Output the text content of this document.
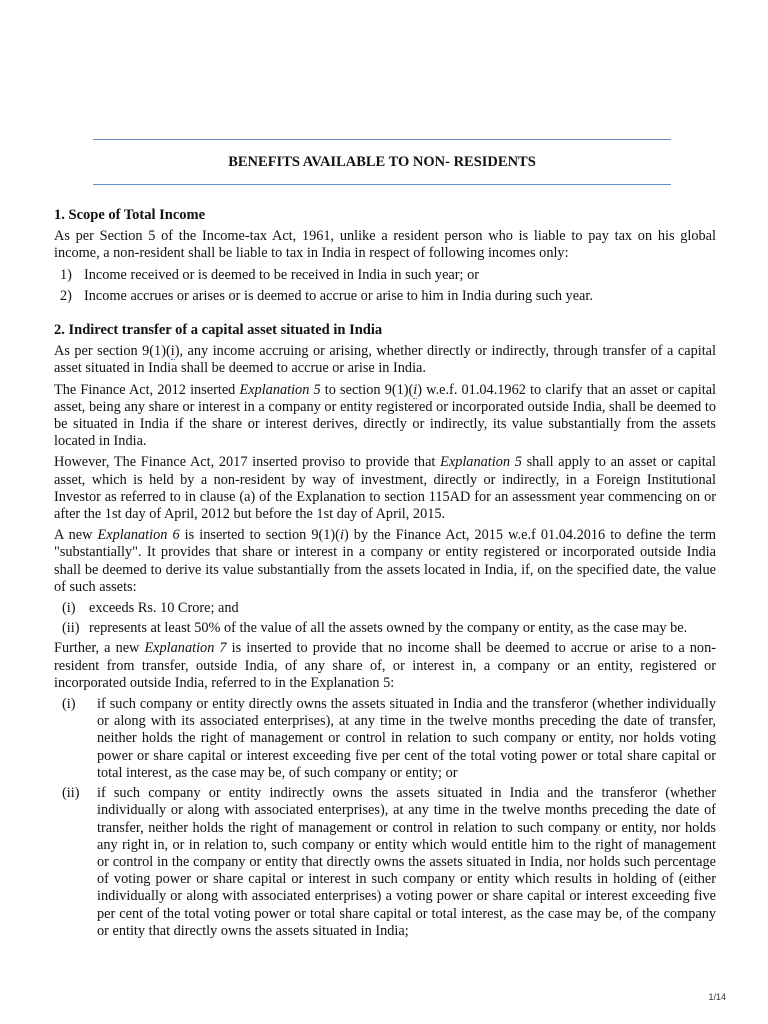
BENEFITS AVAILABLE TO NON- RESIDENTS
1. Scope of Total Income

As per Section 5 of the Income-tax Act, 1961, unlike a resident person who is liable to pay tax on his global income, a non-resident shall be liable to tax in India in respect of following incomes only:

1) Income received or is deemed to be received in India in such year; or
2) Income accrues or arises or is deemed to accrue or arise to him in India during such year.
2. Indirect transfer of a capital asset situated in India

As per section 9(1)(i), any income accruing or arising, whether directly or indirectly, through transfer of a capital asset situated in India shall be deemed to accrue or arise in India.

The Finance Act, 2012 inserted Explanation 5 to section 9(1)(i) w.e.f. 01.04.1962 to clarify that an asset or capital asset, being any share or interest in a company or entity registered or incorporated outside India, shall be deemed to be situated in India if the share or interest derives, directly or indirectly, its value substantially from the assets located in India.

However, The Finance Act, 2017 inserted proviso to provide that Explanation 5 shall apply to an asset or capital asset, which is held by a non-resident by way of investment, directly or indirectly, in a Foreign Institutional Investor as referred to in clause (a) of the Explanation to section 115AD for an assessment year commencing on or after the 1st day of April, 2012 but before the 1st day of April, 2015.

A new Explanation 6 is inserted to section 9(1)(i) by the Finance Act, 2015 w.e.f 01.04.2016 to define the term "substantially". It provides that share or interest in a company or entity registered or incorporated outside India shall be deemed to derive its value substantially from the assets located in India, if, on the specified date, the value of such assets:

(i) exceeds Rs. 10 Crore; and
(ii) represents at least 50% of the value of all the assets owned by the company or entity, as the case may be.

Further, a new Explanation 7 is inserted to provide that no income shall be deemed to accrue or arise to a non-resident from transfer, outside India, of any share of, or interest in, a company or an entity, registered or incorporated outside India, referred to in the Explanation 5:

(i) if such company or entity directly owns the assets situated in India and the transferor (whether individually or along with its associated enterprises), at any time in the twelve months preceding the date of transfer, neither holds the right of management or control in relation to such company or entity, nor holds voting power or share capital or interest exceeding five per cent of the total voting power or total share capital or total interest, as the case may be, of such company or entity; or
(ii) if such company or entity indirectly owns the assets situated in India and the transferor (whether individually or along with associated enterprises), at any time in the twelve months preceding the date of transfer, neither holds the right of management or control in relation to such company or entity, nor holds any right in, or in relation to, such company or entity which would entitle him to the right of management or control in the company or entity that directly owns the assets situated in India, nor holds such percentage of voting power or share capital or interest in such company or entity which results in holding of (either individually or along with associated enterprises) a voting power or share capital or interest exceeding five per cent of the total voting power or total share capital or total interest, as the case may be, of the company or entity that directly owns the assets situated in India;
1/14
